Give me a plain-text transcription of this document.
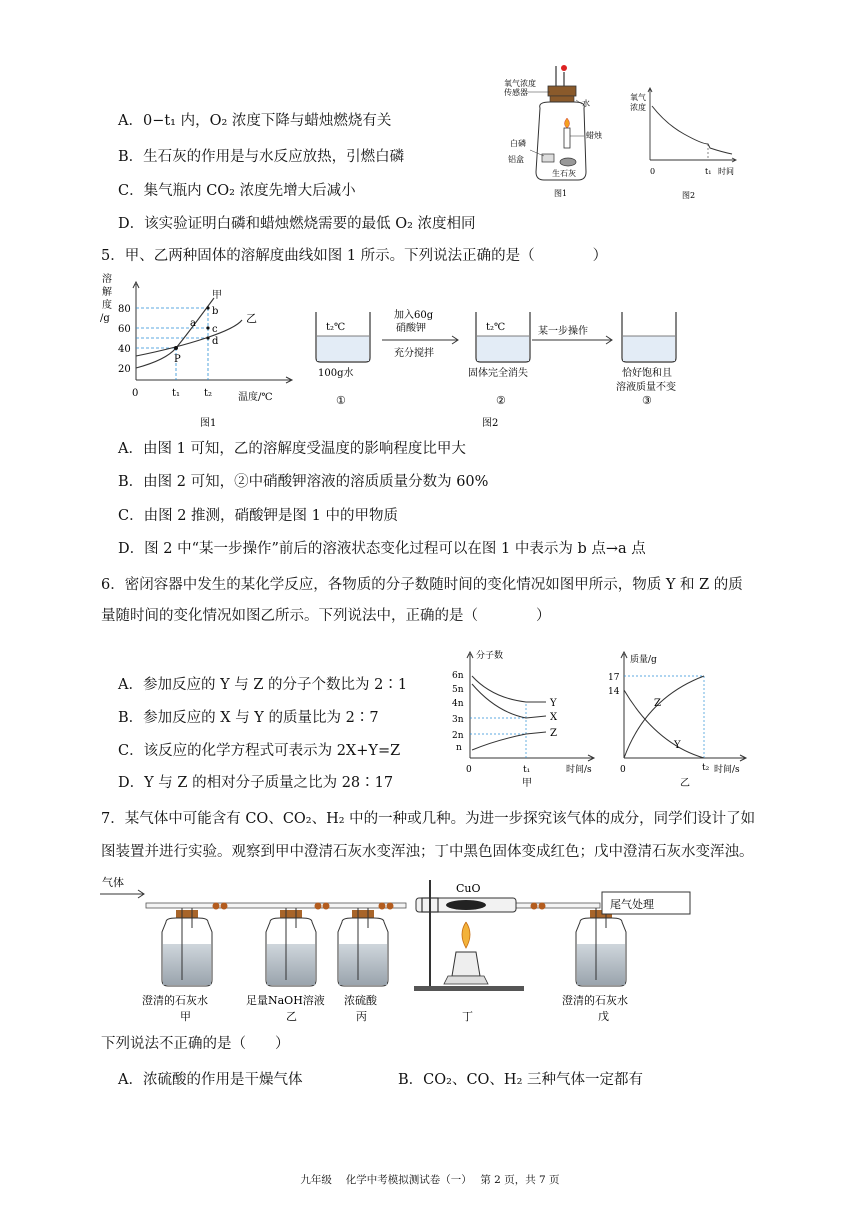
A．0−t₁ 内，O₂ 浓度下降与蜡烛燃烧有关
B．生石灰的作用是与水反应放热，引燃白磷
C．集气瓶内 CO₂ 浓度先增大后减小
D．该实验证明白磷和蜡烛燃烧需要的最低 O₂ 浓度相同
氧气浓度
传感器
水
蜡烛
白磷
铝盒
生石灰
图1
氧气
浓度
0	t₁ 时间
图2
5．甲、乙两种固体的溶解度曲线如图 1 所示。下列说法正确的是（　　　　）
a
b
c
d
P
甲
乙
溶
解
度
/g
80
60
40
20
0	t₁ t₂	温度/℃
图1
t₂℃
100g水
①
加入60g
硝酸钾
充分搅拌
t₂℃
固体完全消失
②
某一步操作
恰好饱和且
溶液质量不变
③
图2
A．由图 1 可知，乙的溶解度受温度的影响程度比甲大
B．由图 2 可知，②中硝酸钾溶液的溶质质量分数为 60%
C．由图 2 推测，硝酸钾是图 1 中的甲物质
D．图 2 中“某一步操作”前后的溶液状态变化过程可以在图 1 中表示为 b 点→a 点
6．密闭容器中发生的某化学反应，各物质的分子数随时间的变化情况如图甲所示，物质 Y 和 Z 的质
量随时间的变化情况如图乙所示。下列说法中，正确的是（　　　　）
A．参加反应的 Y 与 Z 的分子个数比为 2∶1
B．参加反应的 X 与 Y 的质量比为 2∶7
C．该反应的化学方程式可表示为 2X+Y=Z
D．Y 与 Z 的相对分子质量之比为 28∶17
Y
X
Z
分子数
6n
5n
4n
3n
2n
n
0	t₁	时间/s
甲
Z
Y
质量/g
17
14
0	t₂ 时间/s
乙
7．某气体中可能含有 CO、CO₂、H₂ 中的一种或几种。为进一步探究该气体的成分，同学们设计了如
图装置并进行实验。观察到甲中澄清石灰水变浑浊；丁中黑色固体变成红色；戊中澄清石灰水变浑浊。
气体	CuO
尾气处理
澄清的石灰水
甲
足量NaOH溶液
乙
浓硫酸
丙	丁
澄清的石灰水
戊
下列说法不正确的是（　　）
A．浓硫酸的作用是干燥气体	B．CO₂、CO、H₂ 三种气体一定都有
九年级　 化学中考模拟测试卷（一）　 第 2 页，共 7 页
